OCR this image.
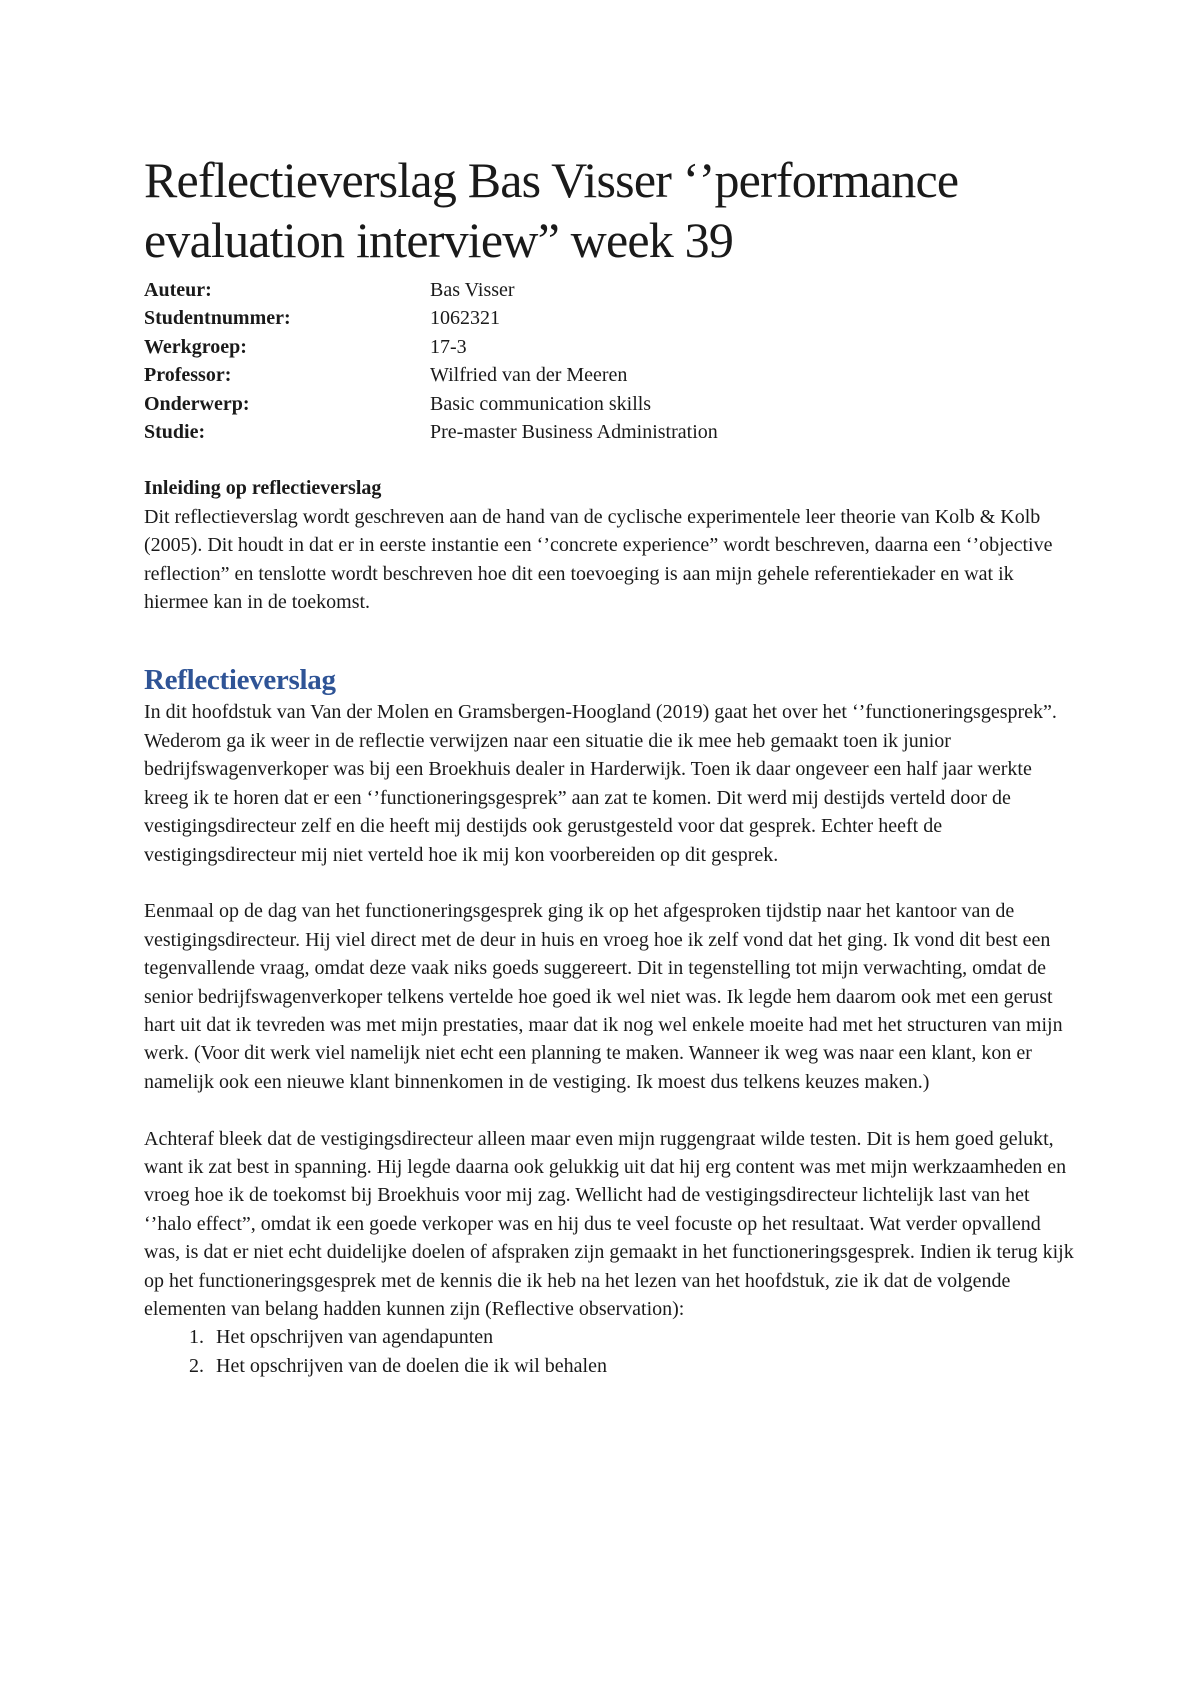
Reflectieverslag Bas Visser ‘’performance evaluation interview” week 39
Auteur:	Bas Visser
Studentnummer:	1062321
Werkgroep:	17-3
Professor:	Wilfried van der Meeren
Onderwerp:	Basic communication skills
Studie:	Pre-master Business Administration
Inleiding op reflectieverslag

Dit reflectieverslag wordt geschreven aan de hand van de cyclische experimentele leer theorie van Kolb & Kolb (2005). Dit houdt in dat er in eerste instantie een ‘’concrete experience” wordt beschreven, daarna een ‘’objective reflection” en tenslotte wordt beschreven hoe dit een toevoeging is aan mijn gehele referentiekader en wat ik hiermee kan in de toekomst.

Reflectieverslag

In dit hoofdstuk van Van der Molen en Gramsbergen-Hoogland (2019) gaat het over het ‘’functioneringsgesprek”. Wederom ga ik weer in de reflectie verwijzen naar een situatie die ik mee heb gemaakt toen ik junior bedrijfswagenverkoper was bij een Broekhuis dealer in Harderwijk. Toen ik daar ongeveer een half jaar werkte kreeg ik te horen dat er een ‘’functioneringsgesprek” aan zat te komen. Dit werd mij destijds verteld door de vestigingsdirecteur zelf en die heeft mij destijds ook gerustgesteld voor dat gesprek. Echter heeft de vestigingsdirecteur mij niet verteld hoe ik mij kon voorbereiden op dit gesprek.

Eenmaal op de dag van het functioneringsgesprek ging ik op het afgesproken tijdstip naar het kantoor van de vestigingsdirecteur. Hij viel direct met de deur in huis en vroeg hoe ik zelf vond dat het ging. Ik vond dit best een tegenvallende vraag, omdat deze vaak niks goeds suggereert. Dit in tegenstelling tot mijn verwachting, omdat de senior bedrijfswagenverkoper telkens vertelde hoe goed ik wel niet was. Ik legde hem daarom ook met een gerust hart uit dat ik tevreden was met mijn prestaties, maar dat ik nog wel enkele moeite had met het structuren van mijn werk. (Voor dit werk viel namelijk niet echt een planning te maken. Wanneer ik weg was naar een klant, kon er namelijk ook een nieuwe klant binnenkomen in de vestiging. Ik moest dus telkens keuzes maken.)

Achteraf bleek dat de vestigingsdirecteur alleen maar even mijn ruggengraat wilde testen. Dit is hem goed gelukt, want ik zat best in spanning. Hij legde daarna ook gelukkig uit dat hij erg content was met mijn werkzaamheden en vroeg hoe ik de toekomst bij Broekhuis voor mij zag. Wellicht had de vestigingsdirecteur lichtelijk last van het ‘’halo effect”, omdat ik een goede verkoper was en hij dus te veel focuste op het resultaat. Wat verder opvallend was, is dat er niet echt duidelijke doelen of afspraken zijn gemaakt in het functioneringsgesprek. Indien ik terug kijk op het functioneringsgesprek met de kennis die ik heb na het lezen van het hoofdstuk, zie ik dat de volgende elementen van belang hadden kunnen zijn (Reflective observation):

1. Het opschrijven van agendapunten
2. Het opschrijven van de doelen die ik wil behalen
